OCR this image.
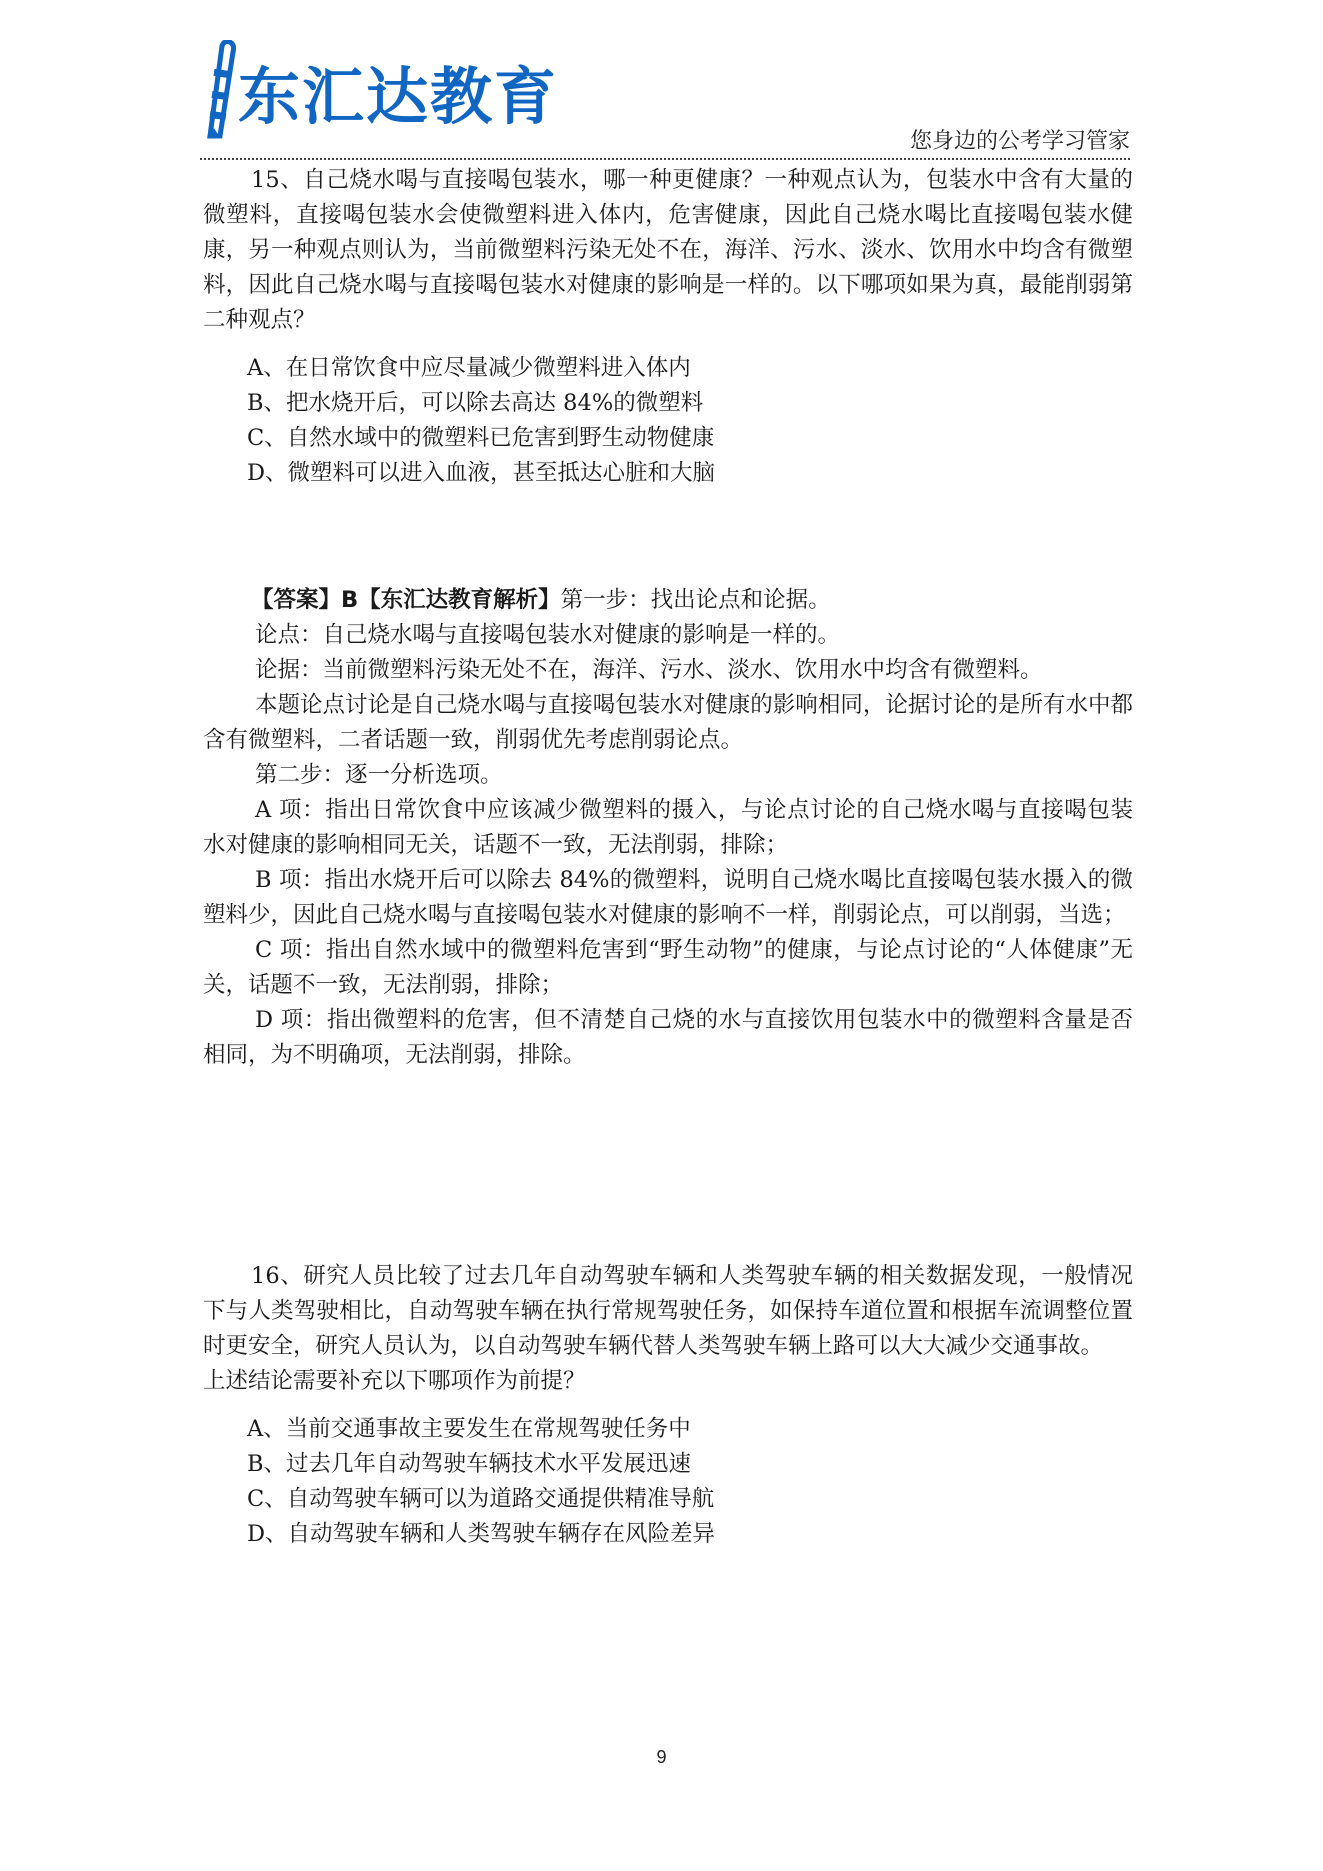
东汇达教育
您身边的公考学习管家

15、自己烧水喝与直接喝包装水，哪一种更健康？一种观点认为，包装水中含有大量的微塑料，直接喝包装水会使微塑料进入体内，危害健康，因此自己烧水喝比直接喝包装水健康，另一种观点则认为，当前微塑料污染无处不在，海洋、污水、淡水、饮用水中均含有微塑料，因此自己烧水喝与直接喝包装水对健康的影响是一样的。以下哪项如果为真，最能削弱第二种观点？

A、在日常饮食中应尽量减少微塑料进入体内
B、把水烧开后，可以除去高达 84%的微塑料
C、自然水域中的微塑料已危害到野生动物健康
D、微塑料可以进入血液，甚至抵达心脏和大脑

【答案】B【东汇达教育解析】第一步：找出论点和论据。

论点：自己烧水喝与直接喝包装水对健康的影响是一样的。

论据：当前微塑料污染无处不在，海洋、污水、淡水、饮用水中均含有微塑料。

本题论点讨论是自己烧水喝与直接喝包装水对健康的影响相同，论据讨论的是所有水中都含有微塑料，二者话题一致，削弱优先考虑削弱论点。

第二步：逐一分析选项。

A 项：指出日常饮食中应该减少微塑料的摄入，与论点讨论的自己烧水喝与直接喝包装水对健康的影响相同无关，话题不一致，无法削弱，排除；

B 项：指出水烧开后可以除去 84%的微塑料，说明自己烧水喝比直接喝包装水摄入的微塑料少，因此自己烧水喝与直接喝包装水对健康的影响不一样，削弱论点，可以削弱，当选；

C 项：指出自然水域中的微塑料危害到“野生动物”的健康，与论点讨论的“人体健康”无关，话题不一致，无法削弱，排除；

D 项：指出微塑料的危害，但不清楚自己烧的水与直接饮用包装水中的微塑料含量是否相同，为不明确项，无法削弱，排除。

16、研究人员比较了过去几年自动驾驶车辆和人类驾驶车辆的相关数据发现，一般情况下与人类驾驶相比，自动驾驶车辆在执行常规驾驶任务，如保持车道位置和根据车流调整位置时更安全，研究人员认为，以自动驾驶车辆代替人类驾驶车辆上路可以大大减少交通事故。

上述结论需要补充以下哪项作为前提？

A、当前交通事故主要发生在常规驾驶任务中
B、过去几年自动驾驶车辆技术水平发展迅速
C、自动驾驶车辆可以为道路交通提供精准导航
D、自动驾驶车辆和人类驾驶车辆存在风险差异
9
